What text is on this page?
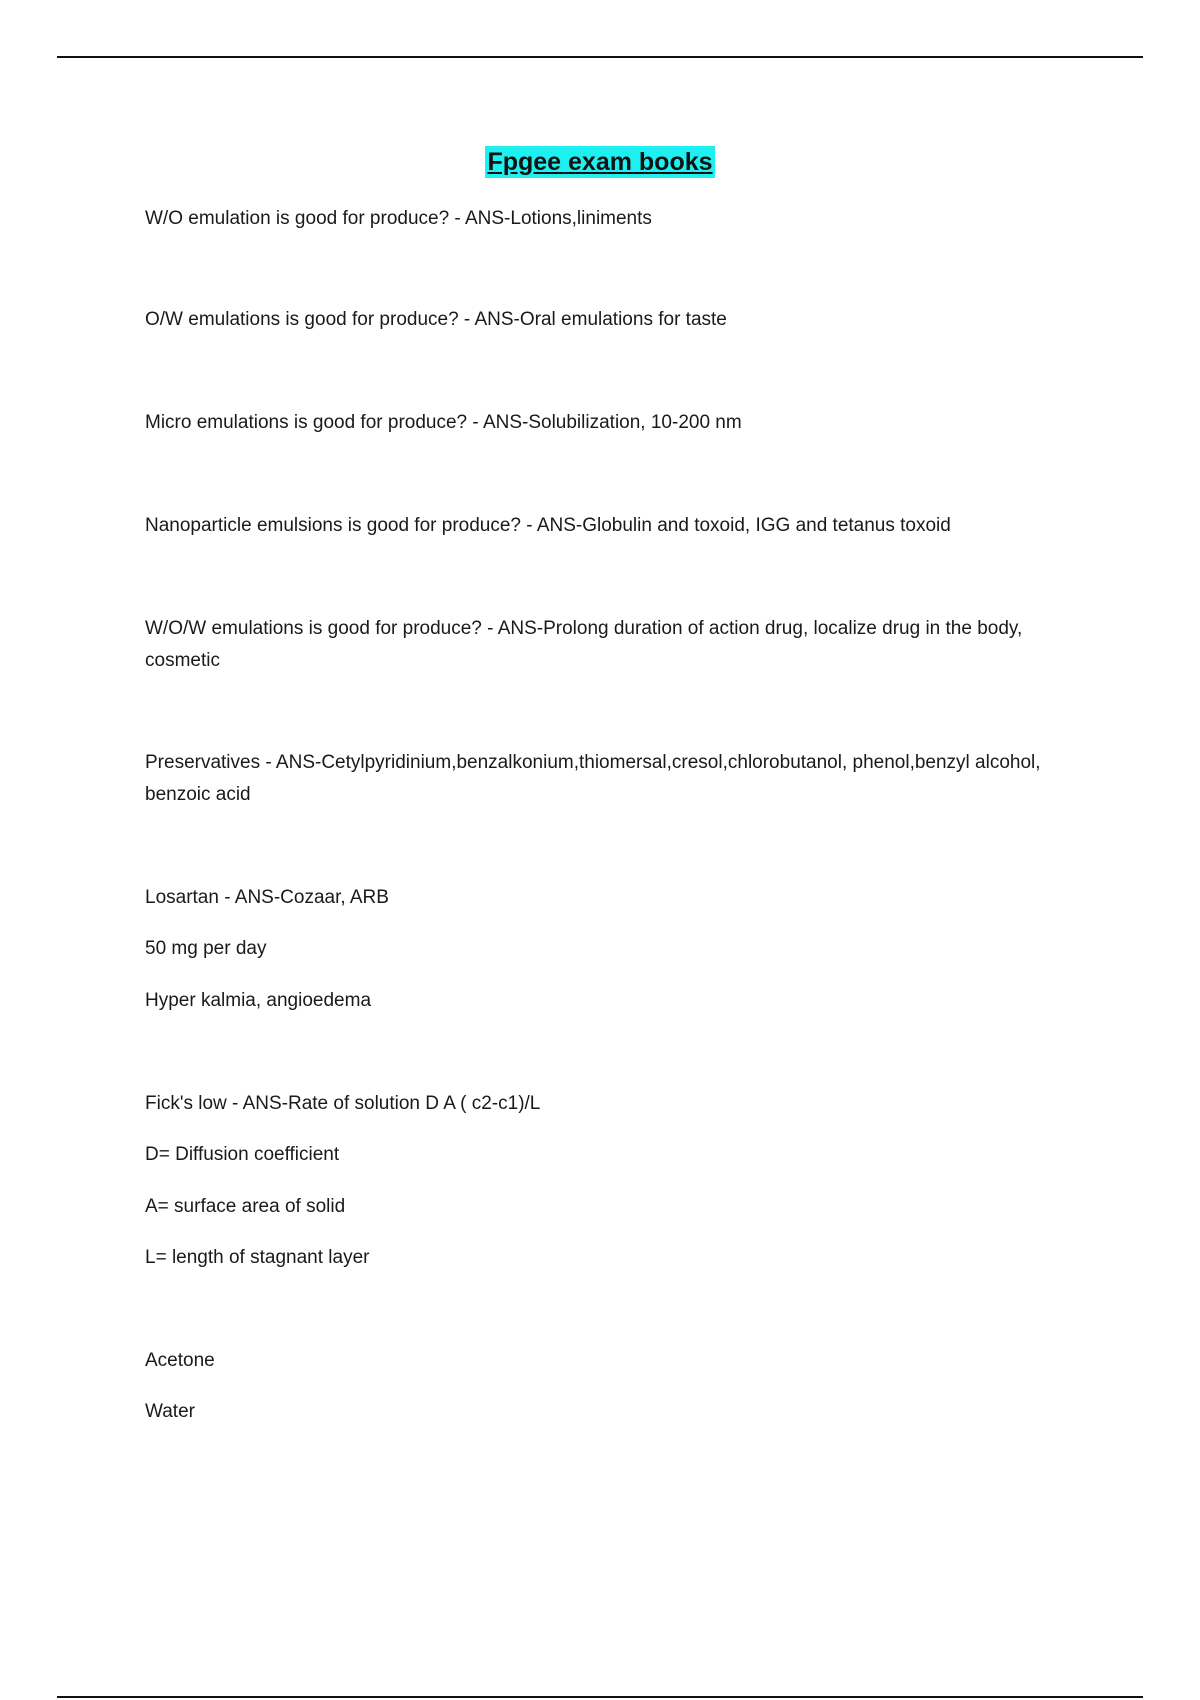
Fpgee exam books
W/O emulation is good for produce? - ANS-Lotions,liniments
O/W emulations is good for produce? - ANS-Oral emulations for taste
Micro emulations is good for produce? - ANS-Solubilization, 10-200 nm
Nanoparticle emulsions is good for produce? - ANS-Globulin and toxoid, IGG and tetanus toxoid
W/O/W emulations is good for produce? - ANS-Prolong duration of action drug, localize drug in the body, cosmetic
Preservatives - ANS-Cetylpyridinium,benzalkonium,thiomersal,cresol,chlorobutanol, phenol,benzyl alcohol, benzoic acid
Losartan - ANS-Cozaar, ARB
50 mg per day
Hyper kalmia, angioedema
Fick's low - ANS-Rate of solution D A ( c2-c1)/L
D= Diffusion coefficient
A= surface area of solid
L= length of stagnant layer
Acetone
Water
